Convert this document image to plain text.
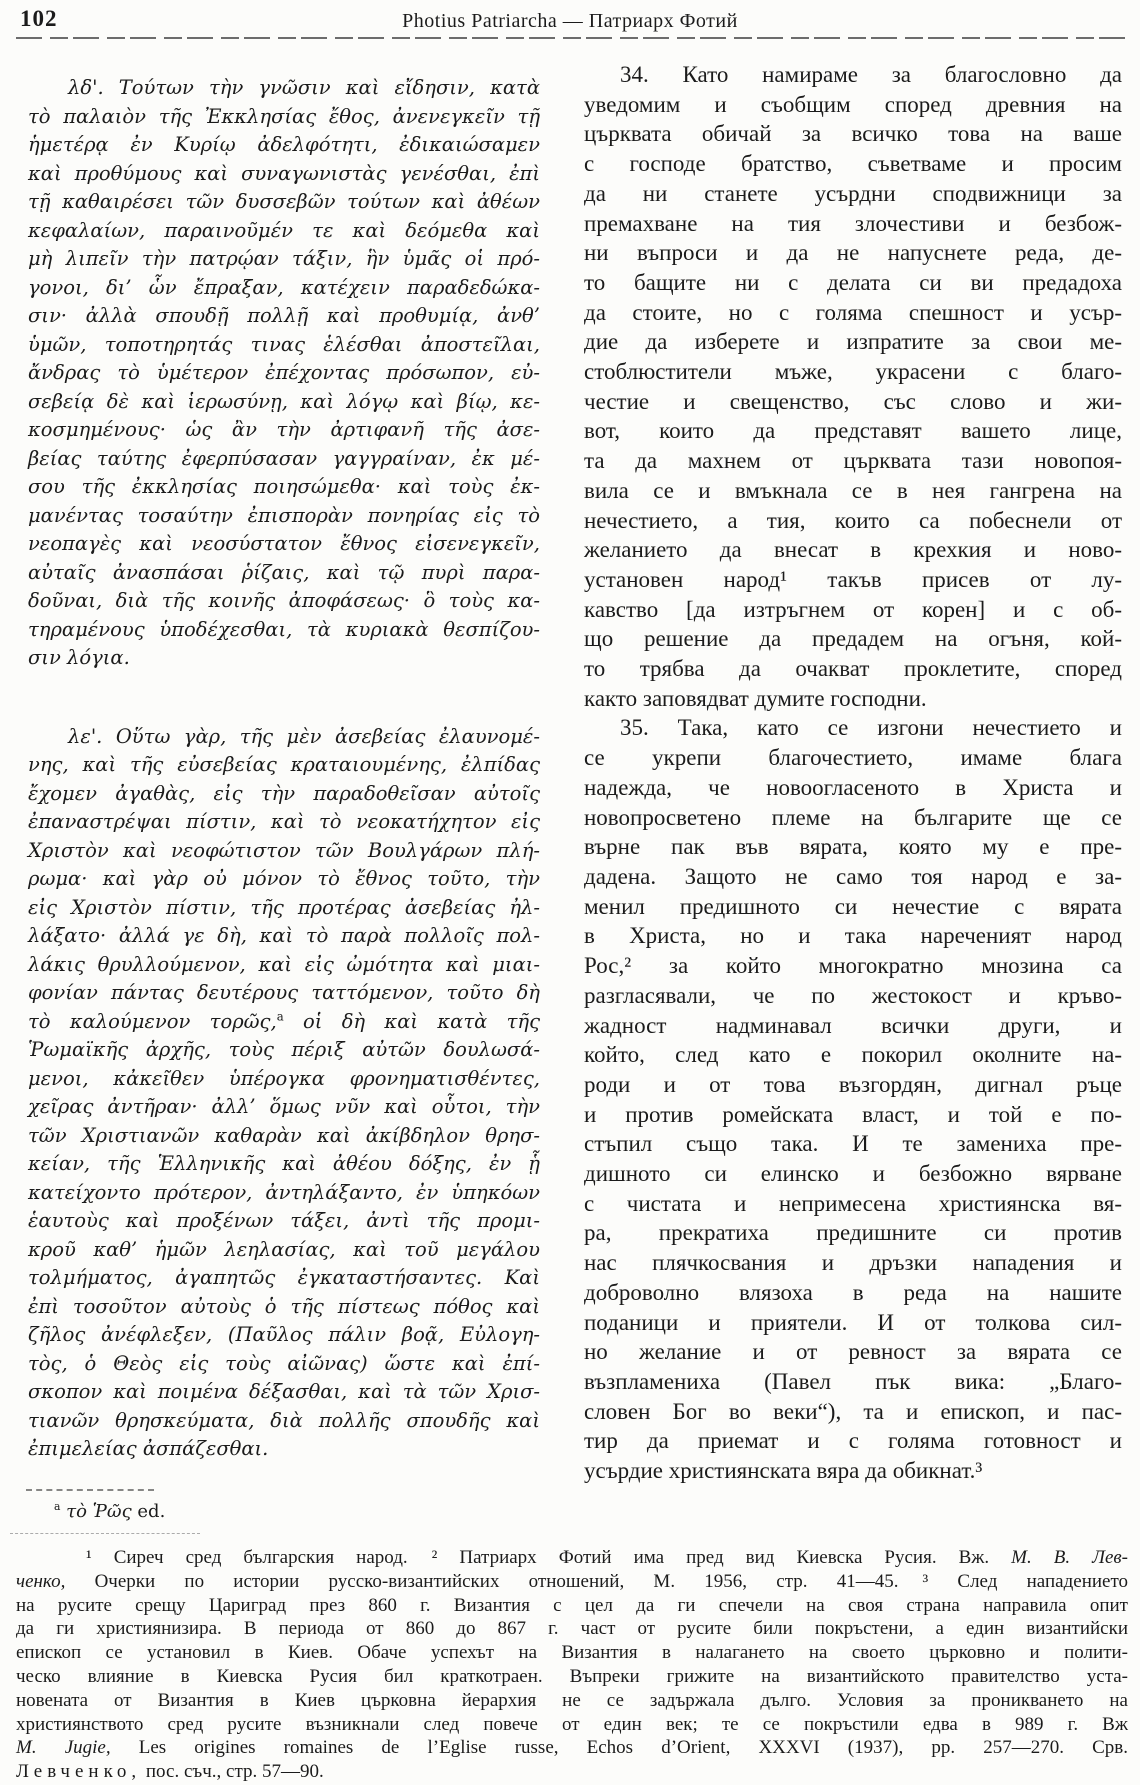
102	Photius Patriarcha — Патриарх Фотий
λδ'. Τούτων τὴν γνῶσιν καὶ εἴδησιν, κατὰ
τὸ παλαιὸν τῆς Ἐκκλησίας ἔθος, ἀνενεγκεῖν τῇ
ἡμετέρᾳ ἐν Κυρίῳ ἀδελφότητι, ἐδικαιώσαμεν
καὶ προθύμους καὶ συναγωνιστὰς γενέσθαι, ἐπὶ
τῇ καθαιρέσει τῶν δυσσεβῶν τούτων καὶ ἀθέων
κεφαλαίων, παραινοῦμέν τε καὶ δεόμεθα καὶ
μὴ λιπεῖν τὴν πατρῴαν τάξιν, ἣν ὑμᾶς οἱ πρό-
γονοι, δι’ ὧν ἔπραξαν, κατέχειν παραδεδώκα-
σιν· ἀλλὰ σπουδῇ πολλῇ καὶ προθυμίᾳ, ἀνθ’
ὑμῶν, τοποτηρητάς τινας ἑλέσθαι ἀποστεῖλαι,
ἄνδρας τὸ ὑμέτερον ἐπέχοντας πρόσωπον, εὐ-
σεβείᾳ δὲ καὶ ἱερωσύνῃ, καὶ λόγῳ καὶ βίῳ, κε-
κοσμημένους· ὡς ἂν τὴν ἀρτιφανῆ τῆς ἀσε-
βείας ταύτης ἐφερπύσασαν γαγγραίναν, ἐκ μέ-
σου τῆς ἐκκλησίας ποιησώμεθα· καὶ τοὺς ἐκ-
μανέντας τοσαύτην ἐπισπορὰν πονηρίας εἰς τὸ
νεοπαγὲς καὶ νεοσύστατον ἔθνος εἰσενεγκεῖν,
αὐταῖς ἀνασπάσαι ῥίζαις, καὶ τῷ πυρὶ παρα-
δοῦναι, διὰ τῆς κοινῆς ἀποφάσεως· ὃ τοὺς κα-
τηραμένους ὑποδέχεσθαι, τὰ κυριακὰ θεσπίζου-
σιν λόγια.
λε'. Οὕτω γὰρ, τῆς μὲν ἀσεβείας ἐλαυνομέ-
νης, καὶ τῆς εὐσεβείας κραταιουμένης, ἐλπίδας
ἔχομεν ἀγαθὰς, εἰς τὴν παραδοθεῖσαν αὐτοῖς
ἐπαναστρέψαι πίστιν, καὶ τὸ νεοκατήχητον εἰς
Χριστὸν καὶ νεοφώτιστον τῶν Βουλγάρων πλή-
ρωμα· καὶ γὰρ οὐ μόνον τὸ ἔθνος τοῦτο, τὴν
εἰς Χριστὸν πίστιν, τῆς προτέρας ἀσεβείας ἠλ-
λάξατο· ἀλλά γε δὴ, καὶ τὸ παρὰ πολλοῖς πολ-
λάκις θρυλλούμενον, καὶ εἰς ὠμότητα καὶ μιαι-
φονίαν πάντας δευτέρους ταττόμενον, τοῦτο δὴ
τὸ καλούμενον τορῶς,$^a$ οἱ δὴ καὶ κατὰ τῆς
Ῥωμαϊκῆς ἀρχῆς, τοὺς πέριξ αὐτῶν δουλωσά-
μενοι, κἀκεῖθεν ὑπέρογκα φρονηματισθέντες,
χεῖρας ἀντῆραν· ἀλλ’ ὅμως νῦν καὶ οὗτοι, τὴν
τῶν Χριστιανῶν καθαρὰν καὶ ἀκίβδηλον θρησ-
κείαν, τῆς Ἑλληνικῆς καὶ ἀθέου δόξης, ἐν ᾗ
κατείχοντο πρότερον, ἀντηλάξαντο, ἐν ὑπηκόων
ἑαυτοὺς καὶ προξένων τάξει, ἀντὶ τῆς προμι-
κροῦ καθ’ ἡμῶν λεηλασίας, καὶ τοῦ μεγάλου
τολμήματος, ἀγαπητῶς ἐγκαταστήσαντες. Καὶ
ἐπὶ τοσοῦτον αὐτοὺς ὁ τῆς πίστεως πόθος καὶ
ζῆλος ἀνέφλεξεν, (Παῦλος πάλιν βοᾷ, Εὐλογη-
τὸς, ὁ Θεὸς εἰς τοὺς αἰῶνας) ὥστε καὶ ἐπί-
σκοπον καὶ ποιμένα δέξασθαι, καὶ τὰ τῶν Χρισ-
τιανῶν θρησκεύματα, διὰ πολλῆς σπουδῆς καὶ
ἐπιμελείας ἀσπάζεσθαι.
$^a$ τὸ Ῥῶς ed.
34. Като намираме за благословно да
уведомим и съобщим според древния на
църквата обичай за всичко това на ваше
с господе братство, съветваме и просим
да ни станете усърдни сподвижници за
премахване на тия злочестиви и безбож-
ни въпроси и да не напуснете реда, де-
то бащите ни с делата си ви предадоха
да стоите, но с голяма спешност и усър-
дие да изберете и изпратите за свои ме-
стоблюстители мъже, украсени с благо-
честие и свещенство, със слово и жи-
вот, които да представят вашето лице,
та да махнем от църквата тази новопоя-
вила се и вмъкнала се в нея гангрена на
нечестието, а тия, които са побеснели от
желанието да внесат в крехкия и ново-
установен народ¹ такъв присев от лу-
кавство [да изтръгнем от корен] и с об-
що решение да предадем на огъня, кой-
то трябва да очакват проклетите, според
както заповядват думите господни.
35. Така, като се изгони нечестието и
се укрепи благочестието, имаме блага
надежда, че новоогласеното в Христа и
новопросветено племе на българите ще се
върне пак във вярата, която му е пре-
дадена. Защото не само тоя народ е за-
менил предишното си нечестие с вярата
в Христа, но и така нареченият народ
Рос,² за който многократно мнозина са
разгласявали, че по жестокост и кръво-
жадност надминавал всички други, и
който, след като е покорил околните на-
роди и от това възгордян, дигнал ръце
и против ромейската власт, и той е по-
стъпил също така. И те замениха пре-
дишното си елинско и безбожно вярване
с чистата и непримесена християнска вя-
ра, прекратиха предишните си против
нас плячкосвания и дръзки нападения и
доброволно влязоха в реда на нашите
поданици и приятели. И от толкова сил-
но желание и от ревност за вярата се
възпламениха (Павел пък вика: „Благо-
словен Бог во веки“), та и епископ, и пас-
тир да приемат и с голяма готовност и
усърдие християнската вяра да обикнат.³
¹ Сиреч сред българския народ. ² Патриарх Фотий има пред вид Киевска Русия. Вж. М. В. Лев-
ченко, Очерки по истории русско-византийских отношений, М. 1956, стр. 41—45. ³ След нападението
на русите срещу Цариград през 860 г. Византия с цел да ги спечели на своя страна направила опит
да ги християнизира. В периода от 860 до 867 г. част от русите били покръстени, а един византийски
епископ се установил в Киев. Обаче успехът на Византия в налагането на своето църковно и полити-
ческо влияние в Киевска Русия бил краткотраен. Въпреки грижите на византийското правителство уста-
новената от Византия в Киев църковна йерархия не се задържала дълго. Условия за проникването на
християнството сред русите възникнали след повече от един век; те се покръстили едва в 989 г. Вж
М. Jugie, Les origines romaines de l’Eglise russe, Echos d’Orient, XXXVI (1937), pp. 257—270. Срв.
Левченко, пос. съч., стр. 57—90.
